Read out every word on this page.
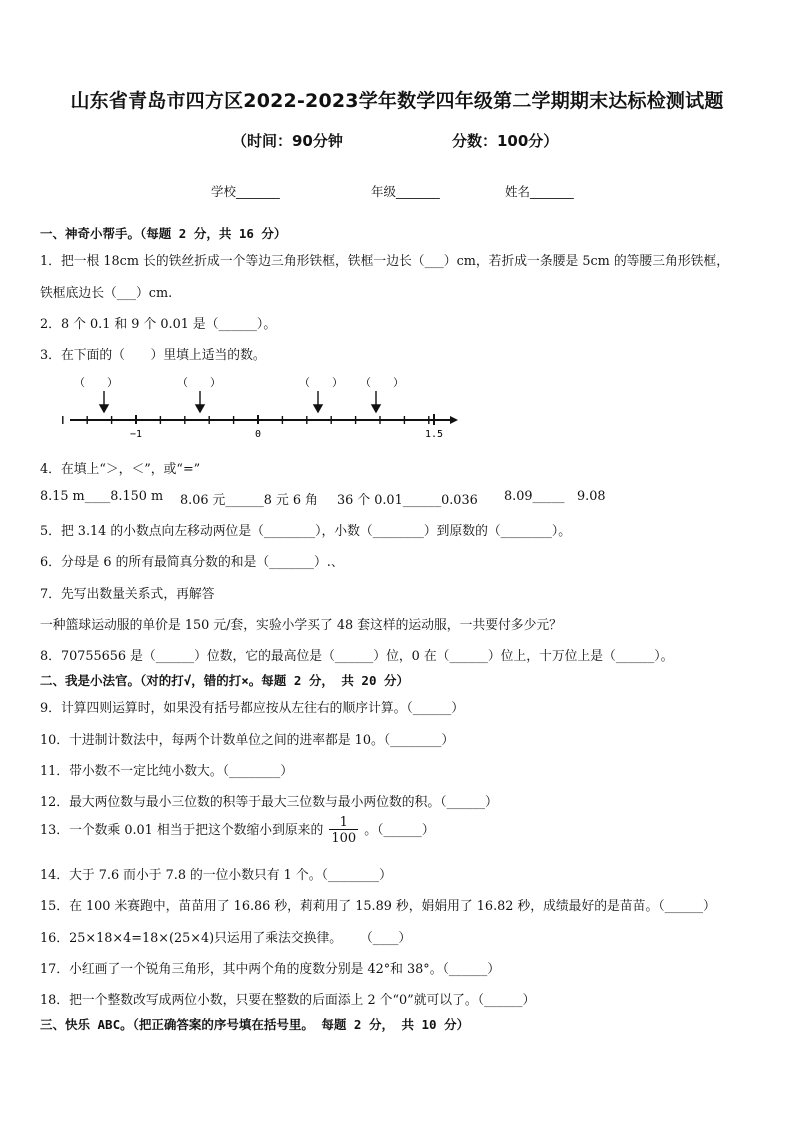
山东省青岛市四方区2022-2023学年数学四年级第二学期期末达标检测试题
（时间：90分钟	分数：100分）
学校_______	年级_______	姓名_______
一、神奇小帮手。（每题 2 分，共 16 分）
1．把一根 18cm 长的铁丝折成一个等边三角形铁框，铁框一边长（___）cm，若折成一条腰是 5cm 的等腰三角形铁框，
铁框底边长（___）cm.
2．8 个 0.1 和 9 个 0.01 是（______）。
3．在下面的（　　）里填上适当的数。
（　　）	（　　）	（　　） （　　）
−1	0	1.5
4．在填上“＞，＜”，或“=”
8.15 m____8.150 m 8.06 元______8 元 6 角 36 个 0.01______0.036 8.09_____ 9.08
5．把 3.14 的小数点向左移动两位是（________），小数（________）到原数的（________）。
6．分母是 6 的所有最简真分数的和是（_______）.、
7．先写出数量关系式，再解答
一种篮球运动服的单价是 150 元/套，实验小学买了 48 套这样的运动服，一共要付多少元？
8．70755656 是（______）位数，它的最高位是（______）位，0 在（______）位上，十万位上是（______）。
二、我是小法官。（对的打√，错的打×。每题 2 分， 共 20 分）
9．计算四则运算时，如果没有括号都应按从左往右的顺序计算。（______）
10．十进制计数法中，每两个计数单位之间的进率都是 10。（________）
11．带小数不一定比纯小数大。（________）
12．最大两位数与最小三位数的积等于最大三位数与最小两位数的积。（______）
13．一个数乘 0.01 相当于把这个数缩小到原来的 $\frac{1}{100}$ 。（______）
14．大于 7.6 而小于 7.8 的一位小数只有 1 个。（________）
15．在 100 米赛跑中，苗苗用了 16.86 秒，莉莉用了 15.89 秒，娟娟用了 16.82 秒，成绩最好的是苗苗。（______）
16．25×18×4=18×(25×4)只运用了乘法交换律。 （____）
17．小红画了一个锐角三角形，其中两个角的度数分别是 42°和 38°。（______）
18．把一个整数改写成两位小数，只要在整数的后面添上 2 个“0”就可以了。（______）
三、快乐 ABC。（把正确答案的序号填在括号里。 每题 2 分， 共 10 分）
